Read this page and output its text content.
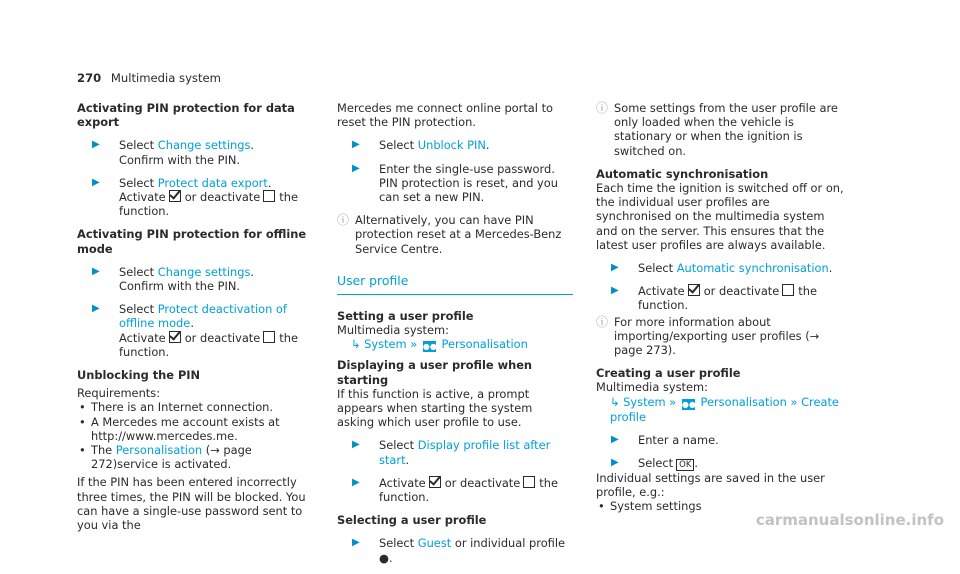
270 Multimedia system
Activating PIN protection for data export
▶ Select Change settings.
Confirm with the PIN.
▶ Select Protect data export.
Activate or deactivate the function.
Activating PIN protection for offline mode
▶ Select Change settings.
Confirm with the PIN.
▶ Select Protect deactivation of offline mode.
Activate or deactivate the function.
Unblocking the PIN
Requirements:
• There is an Internet connection.
• A Mercedes me account exists at http://www.mercedes.me.
• The Personalisation (→ page 272)service is activated.
If the PIN has been entered incorrectly three times, the PIN will be blocked. You can have a single-use password sent to you via the
Mercedes me connect online portal to reset the PIN protection.
▶ Select Unblock PIN.
▶ Enter the single-use password.
PIN protection is reset, and you can set a new PIN.
ⓘ Alternatively, you can have PIN protection reset at a Mercedes-Benz Service Centre.
User profile
Setting a user profile
Multimedia system:
↳ System » ●● Personalisation
Displaying a user profile when starting
If this function is active, a prompt appears when starting the system asking which user profile to use.
▶ Select Display profile list after start.
▶ Activate or deactivate the function.
Selecting a user profile
▶ Select Guest or individual profile ●.
ⓘ Some settings from the user profile are only loaded when the vehicle is stationary or when the ignition is switched on.
Automatic synchronisation
Each time the ignition is switched off or on, the individual user profiles are synchronised on the multimedia system and on the server. This ensures that the latest user profiles are always available.
▶ Select Automatic synchronisation.
▶ Activate or deactivate the function.
ⓘ For more information about importing/exporting user profiles (→ page 273).
Creating a user profile
Multimedia system:
↳ System » ●● Personalisation » Create profile
▶ Enter a name.
▶ Select OK .
Individual settings are saved in the user profile, e.g.:
• System settings
carmanualsonline.info
